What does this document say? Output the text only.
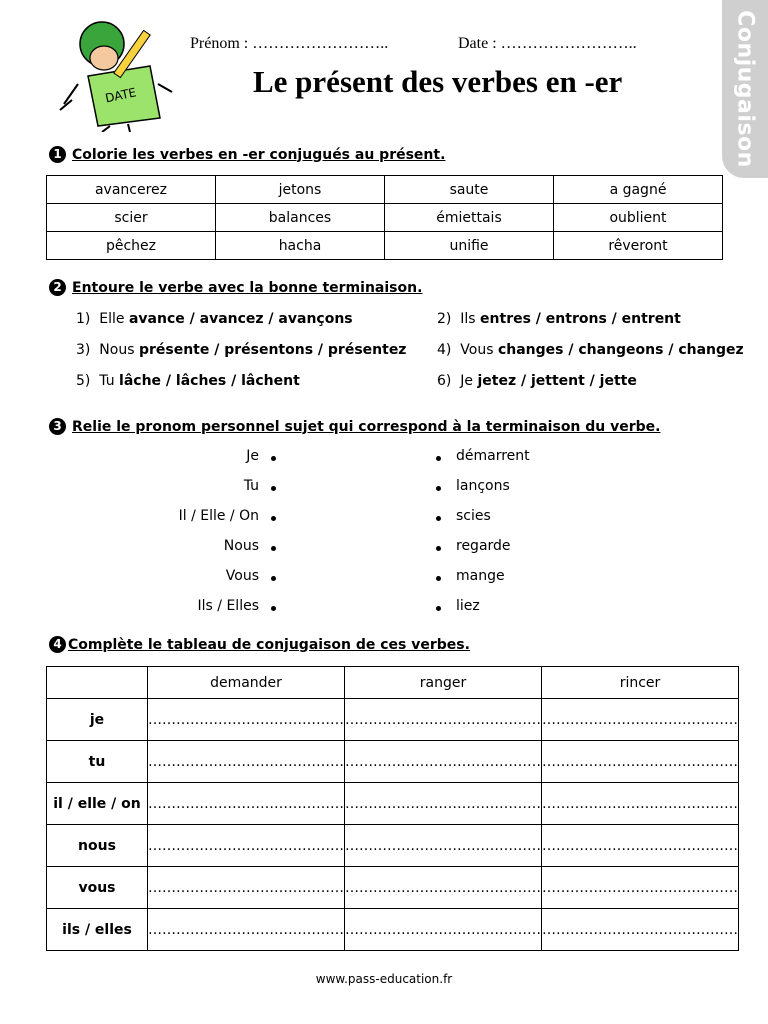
Conjugaison
DATE
Prénom : ……………………..	Date : ……………………..
Le présent des verbes en -er
1 Colorie les verbes en -er conjugués au présent.
avancerez	jetons	saute	a gagné
scier	balances	émiettais	oublient
pêchez	hacha	unifie	rêveront
2 Entoure le verbe avec la bonne terminaison.
1) Elle avance / avancez / avançons	2) Ils entres / entrons / entrent
3) Nous présente / présentons / présentez 4) Vous changes / changeons / changez
5) Tu lâche / lâches / lâchent	6) Je jetez / jettent / jette
3 Relie le pronom personnel sujet qui correspond à la terminaison du verbe.
Je
Tu
Il / Elle / On
Nous
Vous
Ils / Elles
démarrent
lançons
scies
regarde
mange
liez
4 Complète le tableau de conjugaison de ces verbes.
	demander	ranger	rincer
je	……………………………………	……………………………………	……………………………………
tu	……………………………………	……………………………………	……………………………………
il / elle / on	……………………………………	……………………………………	……………………………………
nous	……………………………………	……………………………………	……………………………………
vous	……………………………………	……………………………………	……………………………………
ils / elles	……………………………………	……………………………………	……………………………………
www.pass-education.fr
